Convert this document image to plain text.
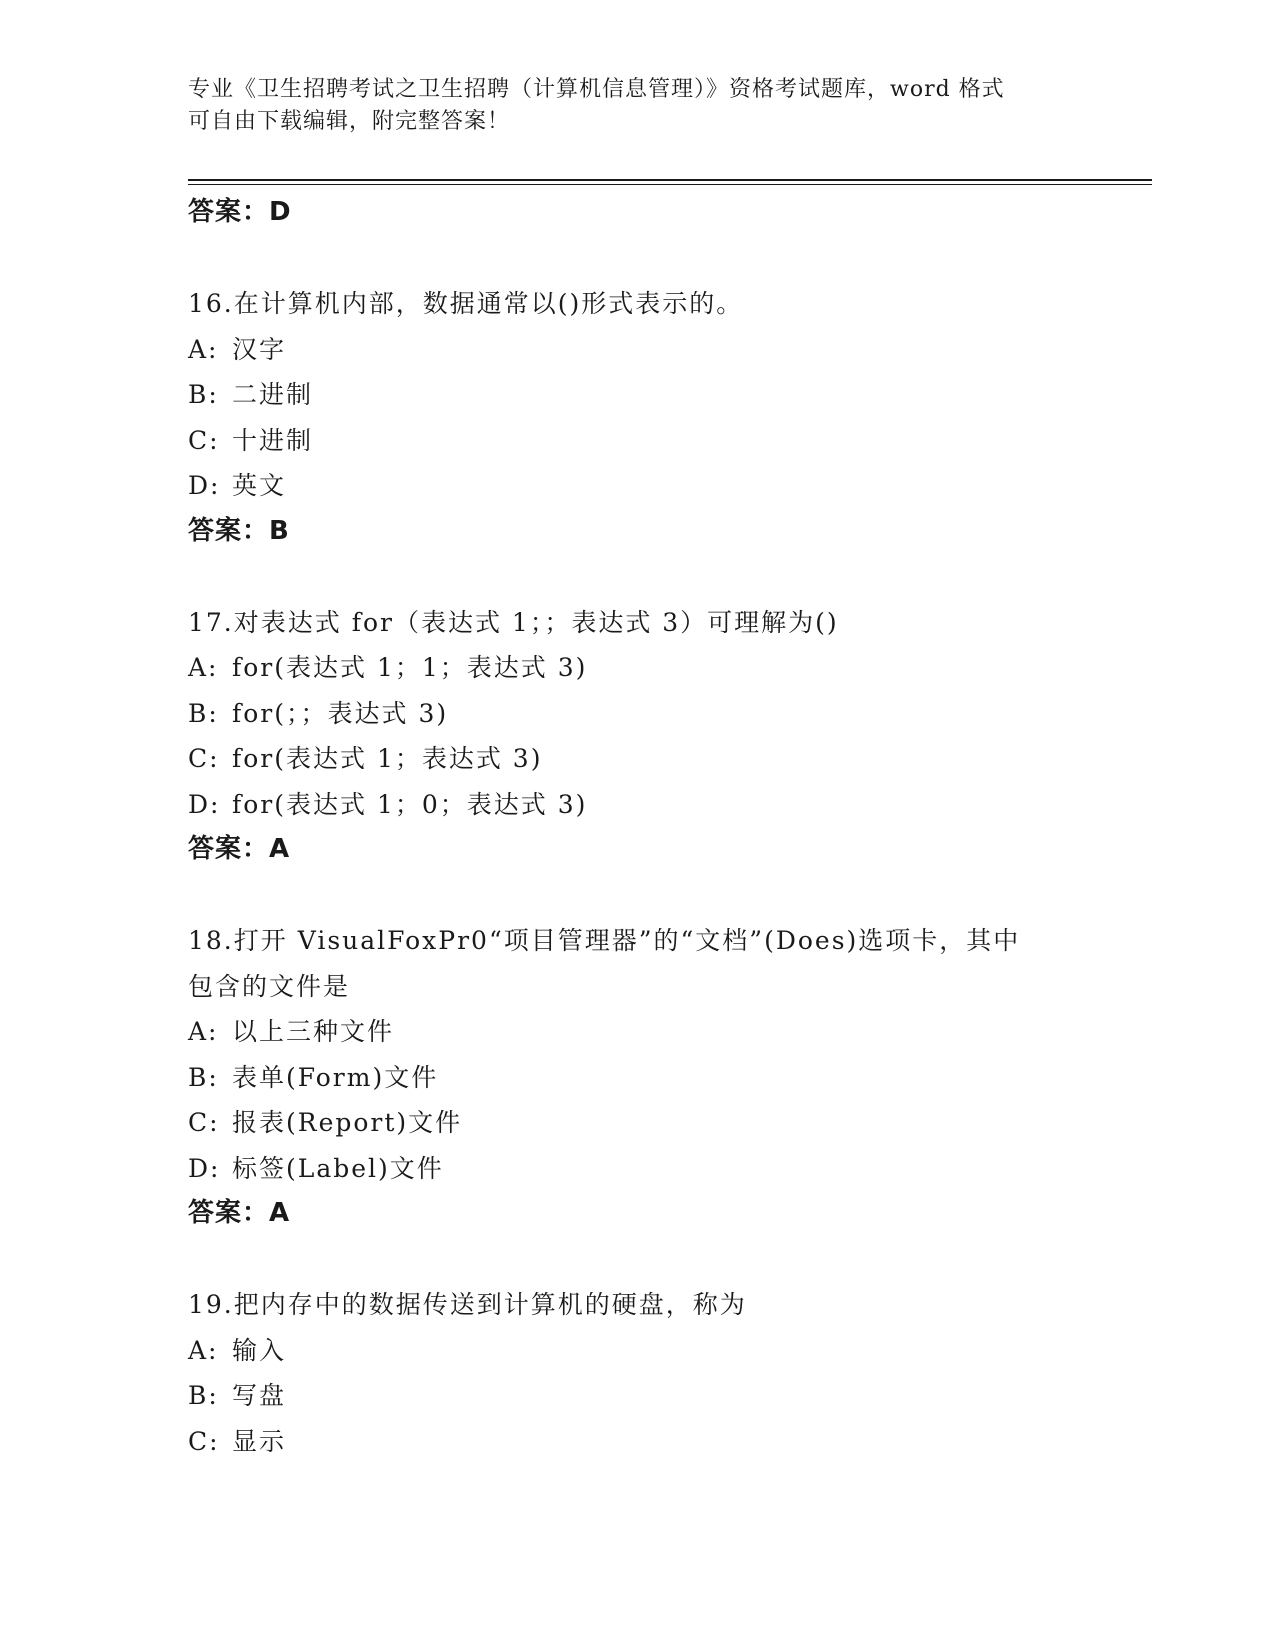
专业《卫生招聘考试之卫生招聘（计算机信息管理）》资格考试题库，word 格式
可自由下载编辑，附完整答案！
答案：D
16.在计算机内部，数据通常以()形式表示的。
A: 汉字
B: 二进制
C: 十进制
D: 英文
答案：B
17.对表达式 for（表达式 1；；表达式 3）可理解为()
A: for(表达式 1；1；表达式 3)
B: for(；；表达式 3)
C: for(表达式 1；表达式 3)
D: for(表达式 1；0；表达式 3)
答案：A
18.打开 VisualFoxPr0“项目管理器”的“文档”(Does)选项卡，其中
包含的文件是
A: 以上三种文件
B: 表单(Form)文件
C: 报表(Report)文件
D: 标签(Label)文件
答案：A
19.把内存中的数据传送到计算机的硬盘，称为
A: 输入
B: 写盘
C: 显示
